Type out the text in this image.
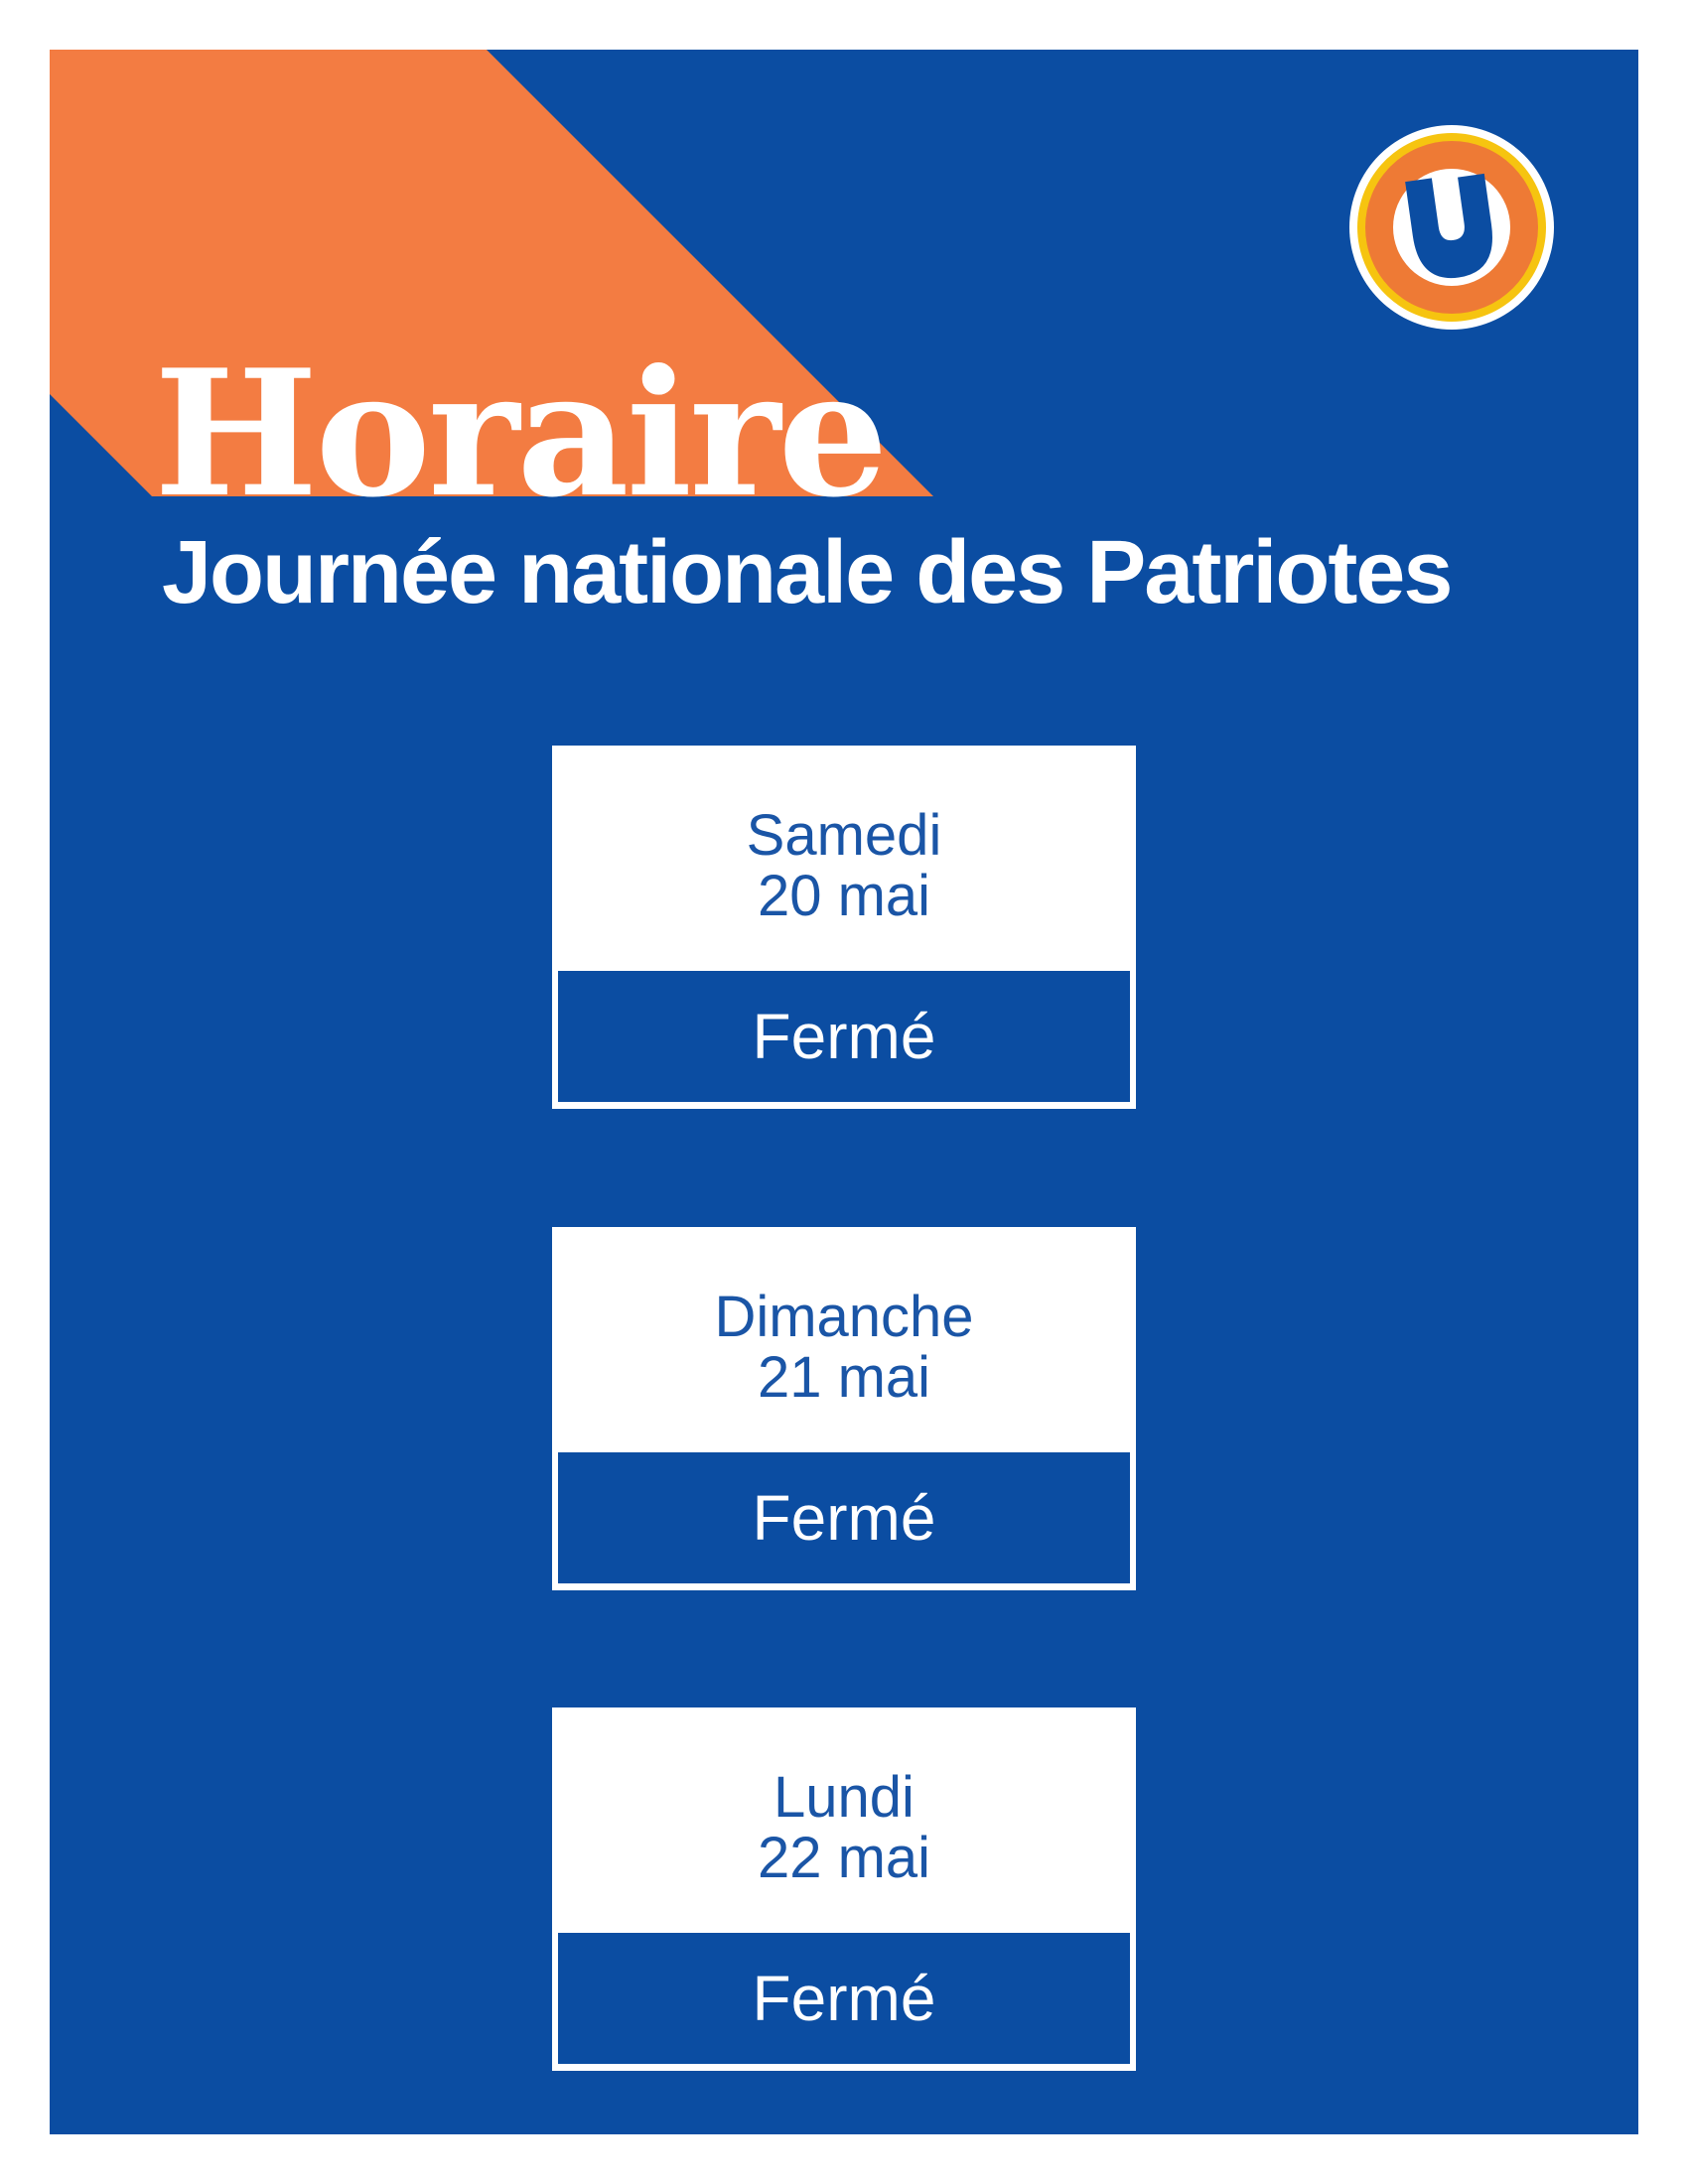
Horaire
Journée nationale des Patriotes
Samedi
20 mai
Fermé
Dimanche
21 mai
Fermé
Lundi
22 mai
Fermé
